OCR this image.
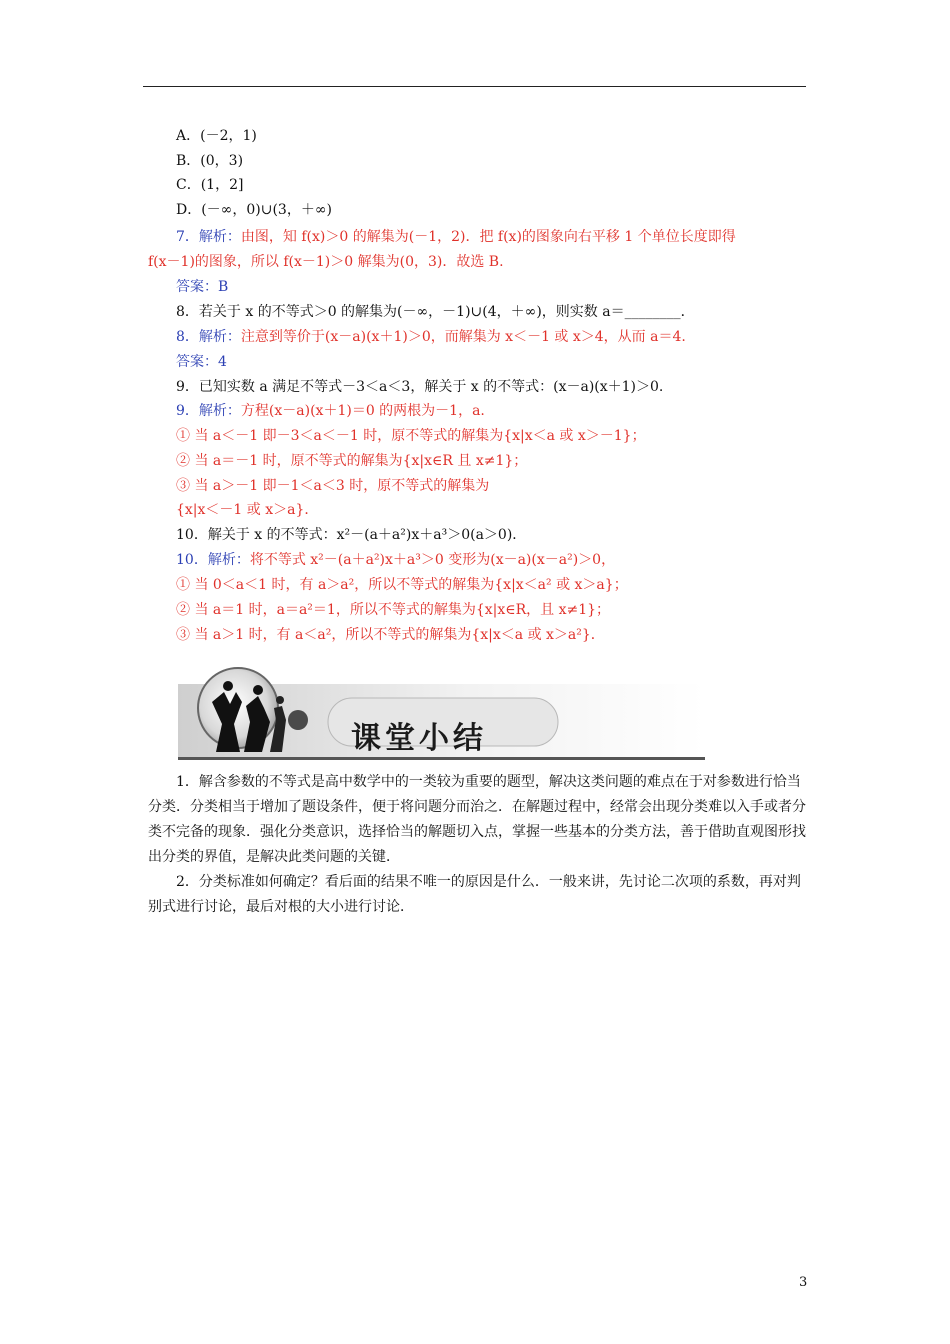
A．(－2，1)
B．(0，3)
C．(1，2]
D．(－∞，0)∪(3，＋∞)
7．解析：由图，知 f(x)＞0 的解集为(－1，2)．把 f(x)的图象向右平移 1 个单位长度即得
f(x－1)的图象，所以 f(x－1)＞0 解集为(0，3)．故选 B.
答案：B
8．若关于 x 的不等式＞0 的解集为(－∞，－1)∪(4，＋∞)，则实数 a＝________．
8．解析：注意到等价于(x－a)(x＋1)＞0，而解集为 x＜－1 或 x＞4，从而 a＝4.
答案：4
9．已知实数 a 满足不等式－3＜a＜3，解关于 x 的不等式：(x－a)(x＋1)＞0.
9．解析：方程(x－a)(x＋1)＝0 的两根为－1，a.
① 当 a＜－1 即－3＜a＜－1 时，原不等式的解集为{x|x＜a 或 x＞－1}；
② 当 a＝－1 时，原不等式的解集为{x|x∈R 且 x≠1}；
③ 当 a＞－1 即－1＜a＜3 时，原不等式的解集为
{x|x＜－1 或 x＞a}．
10．解关于 x 的不等式：x²－(a＋a²)x＋a³＞0(a＞0)．
10．解析：将不等式 x²－(a＋a²)x＋a³＞0 变形为(x－a)(x－a²)＞0，
① 当 0＜a＜1 时，有 a＞a²，所以不等式的解集为{x|x＜a² 或 x＞a}；
② 当 a＝1 时，a＝a²＝1，所以不等式的解集为{x|x∈R，且 x≠1}；
③ 当 a＞1 时，有 a＜a²，所以不等式的解集为{x|x＜a 或 x＞a²}．
课堂小结
1．解含参数的不等式是高中数学中的一类较为重要的题型，解决这类问题的难点在于对参数进行恰当分类．分类相当于增加了题设条件，便于将问题分而治之．在解题过程中，经常会出现分类难以入手或者分类不完备的现象．强化分类意识，选择恰当的解题切入点，掌握一些基本的分类方法，善于借助直观图形找出分类的界值，是解决此类问题的关键．
2．分类标准如何确定？看后面的结果不唯一的原因是什么．一般来讲，先讨论二次项的系数，再对判别式进行讨论，最后对根的大小进行讨论．
3
